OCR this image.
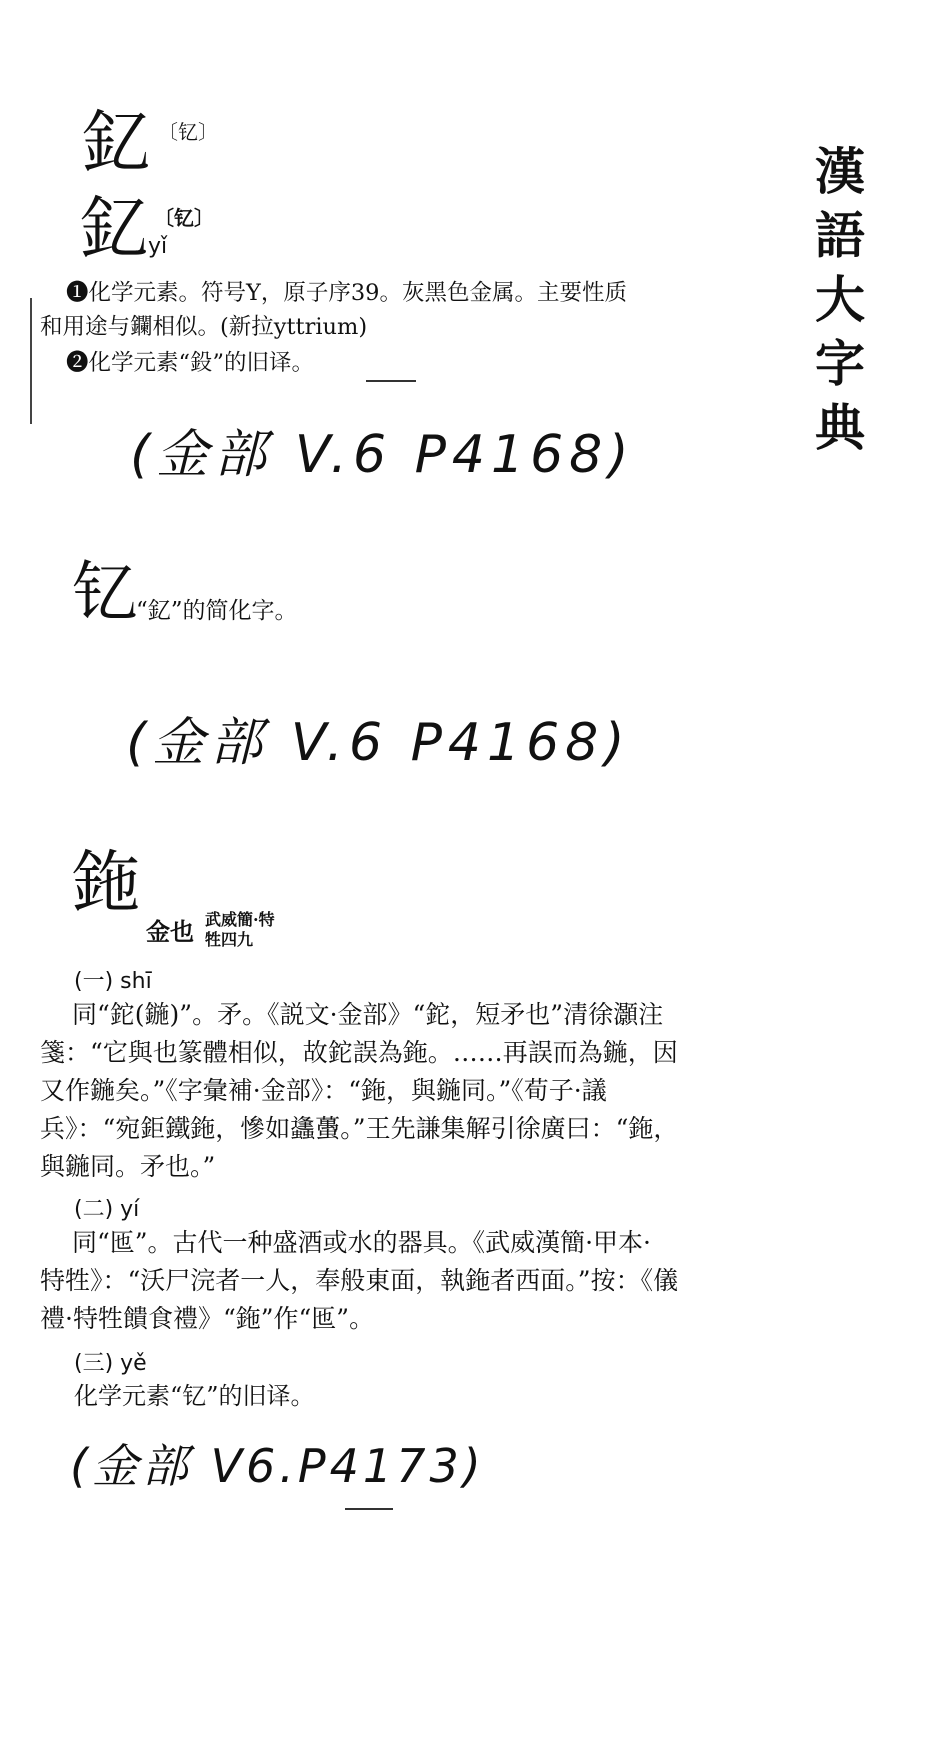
漢
語
大
字
典
釔 〔钇〕
釔 〔钇〕
yǐ
❶化学元素。符号Y，原子序39。灰黑色金属。主要性质
和用途与鑭相似。(新拉yttrium)
❷化学元素“鈠”的旧译。
(金部 V.6 P4168)
钇
“釔”的简化字。
(金部 V.6 P4168)
鉇
金也 武威簡·特
牲四九
(一) shī
同“鉈(鍦)”。矛。《説文·金部》“鉈，短矛也”清徐灝注
箋：“它與也篆體相似，故鉈誤為鉇。……再誤而為鍦，因
又作鍦矣。”《字彙補·金部》：“鉇，與鍦同。”《荀子·議
兵》：“宛鉅鐵鉇，慘如蠭蠆。”王先謙集解引徐廣曰：“鉇，
與鍦同。矛也。”
(二) yí
同“匜”。古代一种盛酒或水的器具。《武威漢簡·甲本·
特牲》：“沃尸浣者一人，奉般東面，執鉇者西面。”按：《儀
禮·特牲饋食禮》“鉇”作“匜”。
(三) yě
化学元素“钇”的旧译。
(金部 V6.P4173)
